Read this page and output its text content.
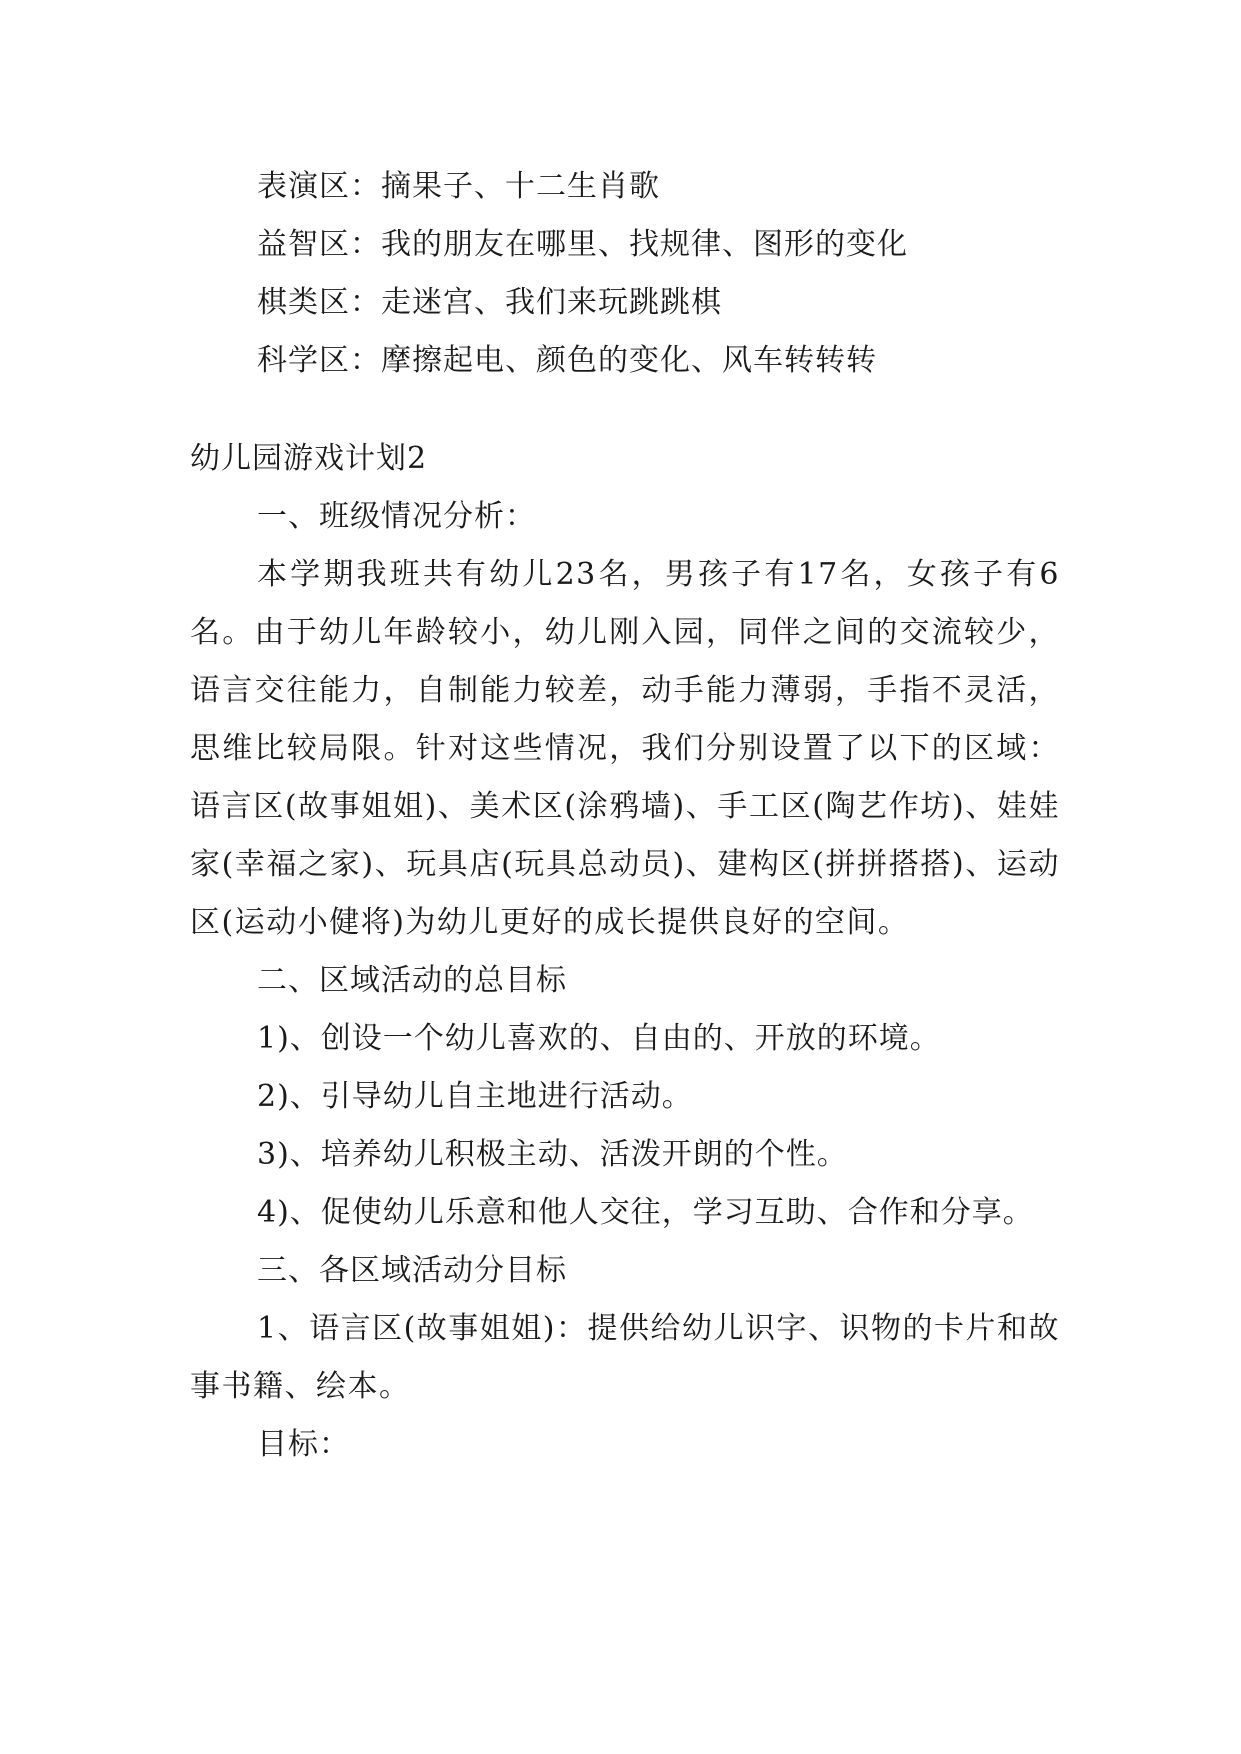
表演区：摘果子、十二生肖歌
益智区：我的朋友在哪里、找规律、图形的变化
棋类区：走迷宫、我们来玩跳跳棋
科学区：摩擦起电、颜色的变化、风车转转转
幼儿园游戏计划2
一、班级情况分析：

本学期我班共有幼儿23名，男孩子有17名，女孩子有6名。由于幼儿年龄较小，幼儿刚入园，同伴之间的交流较少，语言交往能力，自制能力较差，动手能力薄弱，手指不灵活，思维比较局限。针对这些情况，我们分别设置了以下的区域：语言区(故事姐姐)、美术区(涂鸦墙)、手工区(陶艺作坊)、娃娃家(幸福之家)、玩具店(玩具总动员)、建构区(拼拼搭搭)、运动区(运动小健将)为幼儿更好的成长提供良好的空间。

二、区域活动的总目标
1)、创设一个幼儿喜欢的、自由的、开放的环境。
2)、引导幼儿自主地进行活动。
3)、培养幼儿积极主动、活泼开朗的个性。
4)、促使幼儿乐意和他人交往，学习互助、合作和分享。
三、各区域活动分目标

1、语言区(故事姐姐)：提供给幼儿识字、识物的卡片和故事书籍、绘本。

目标：
